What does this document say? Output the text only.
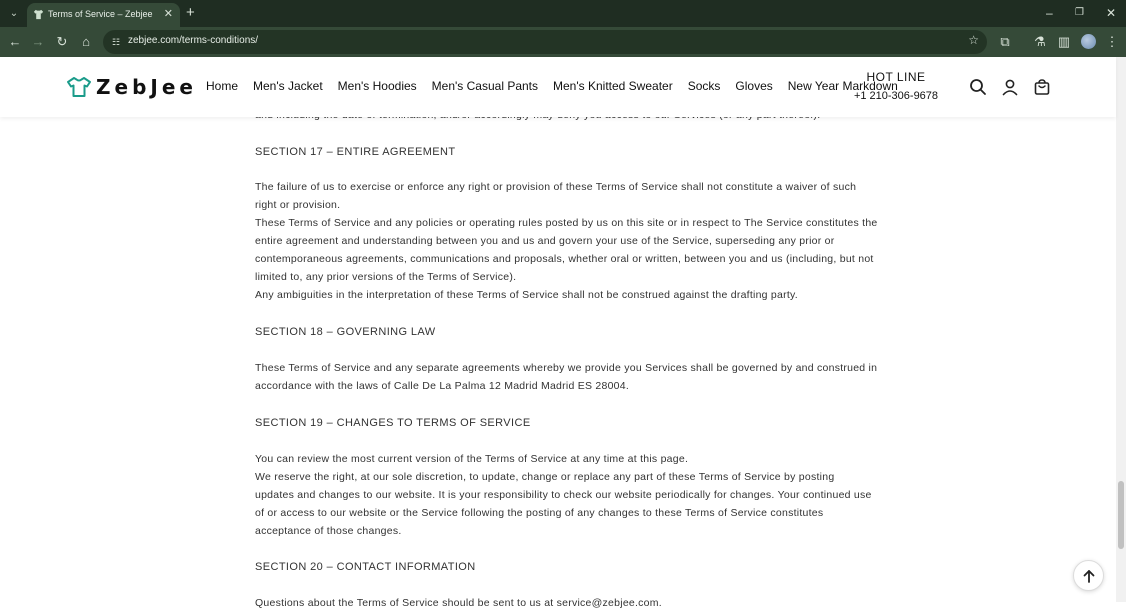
⌄	Terms of Service – Zebjee ✕ +	– ❐ ✕
← → ↻	⌂	☷ zebjee.com/terms-conditions/	☆	⧉	⚗ ▥	⋮
SECTION 17 – ENTIRE AGREEMENT
The failure of us to exercise or enforce any right or provision of these Terms of Service shall not constitute a waiver of such
right or provision.
These Terms of Service and any policies or operating rules posted by us on this site or in respect to The Service constitutes the
entire agreement and understanding between you and us and govern your use of the Service, superseding any prior or
contemporaneous agreements, communications and proposals, whether oral or written, between you and us (including, but not
limited to, any prior versions of the Terms of Service).
Any ambiguities in the interpretation of these Terms of Service shall not be construed against the drafting party.
SECTION 18 – GOVERNING LAW
These Terms of Service and any separate agreements whereby we provide you Services shall be governed by and construed in
accordance with the laws of Calle De La Palma 12 Madrid Madrid ES 28004.
SECTION 19 – CHANGES TO TERMS OF SERVICE
You can review the most current version of the Terms of Service at any time at this page.
We reserve the right, at our sole discretion, to update, change or replace any part of these Terms of Service by posting
updates and changes to our website. It is your responsibility to check our website periodically for changes. Your continued use
of or access to our website or the Service following the posting of any changes to these Terms of Service constitutes
acceptance of those changes.
SECTION 20 – CONTACT INFORMATION
Questions about the Terms of Service should be sent to us at service@zebjee.com.
ZebJee Home Men's Jacket Men's Hoodies Men's Casual Pants Men's Knitted Sweater Socks Gloves New Year Markdown
HOT LINE
+1 210-306-9678
